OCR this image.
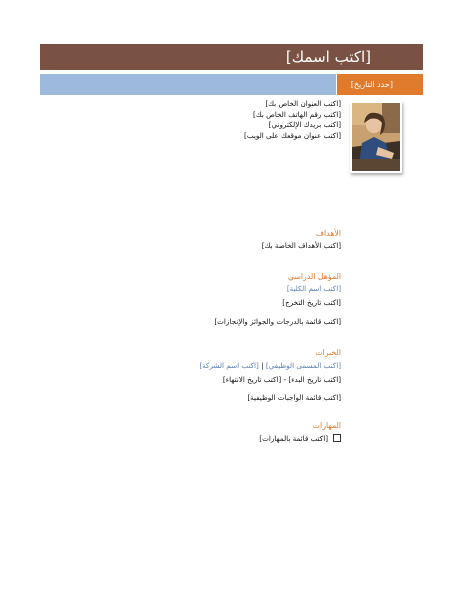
[اكتب اسمك]
[حدد التاريخ]
[اكتب العنوان الخاص بك]
[اكتب رقم الهاتف الخاص بك]
[اكتب بريدك الإلكتروني]
[اكتب عنوان موقعك على الويب]
الأهداف
[اكتب الأهداف الخاصة بك]
المؤهل الدراسي
[اكتب اسم الكلية]
[اكتب تاريخ التخرج]
[اكتب قائمة بالدرجات والجوائز والإنجازات]
الخبرات
[اكتب المسمى الوظيفي] | [اكتب اسم الشركة]
[اكتب تاريخ البدء] - [اكتب تاريخ الانتهاء]
[اكتب قائمة الواجبات الوظيفية]
المهارات
[اكتب قائمة بالمهارات]
